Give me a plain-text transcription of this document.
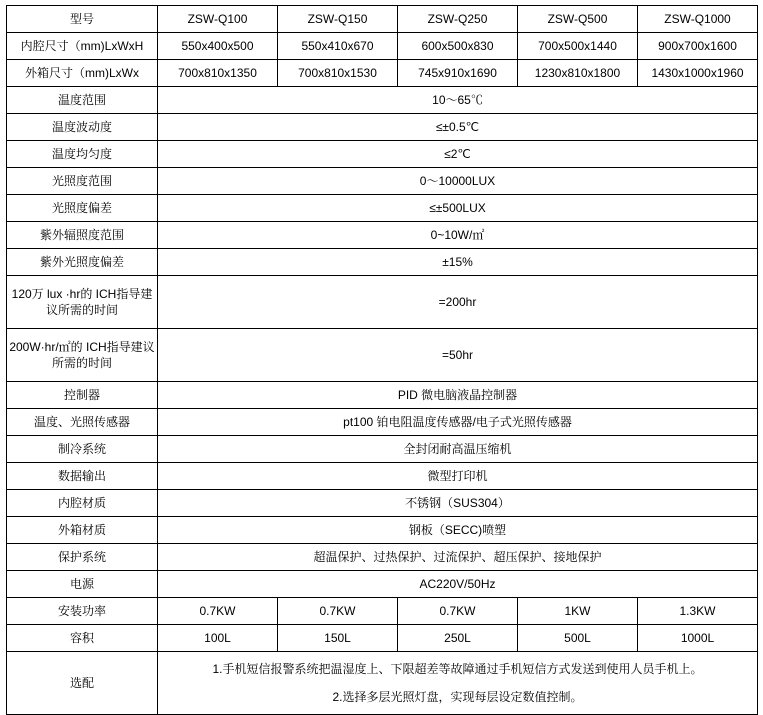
型号	ZSW-Q100	ZSW-Q150	ZSW-Q250	ZSW-Q500	ZSW-Q1000
内腔尺寸（mm)LxWxH	550x400x500	550x410x670	600x500x830	700x500x1440	900x700x1600
外箱尺寸（mm)LxWx	700x810x1350	700x810x1530	745x910x1690	1230x810x1800	1430x1000x1960
温度范围	10～65℃				
温度波动度	≤±0.5℃				
温度均匀度	≤2℃				
光照度范围	0～10000LUX				
光照度偏差	≤±500LUX				
紫外辐照度范围	0~10W/㎡				
紫外光照度偏差	±15%				
120万 lux ·hr的 ICH指导建议所需的时间	=200hr				
200W·hr/㎡的 ICH指导建议所需的时间	=50hr				
控制器	PID 微电脑液晶控制器				
温度、光照传感器	pt100 铂电阻温度传感器/电子式光照传感器				
制冷系统	全封闭耐高温压缩机				
数据输出	微型打印机				
内腔材质	不锈钢（SUS304）				
外箱材质	钢板（SECC)喷塑				
保护系统	超温保护、过热保护、过流保护、超压保护、接地保护				
电源	AC220V/50Hz				
安装功率	0.7KW	0.7KW	0.7KW	1KW	1.3KW
容积	100L	150L	250L	500L	1000L
选配	1.手机短信报警系统把温湿度上、下限超差等故障通过手机短信方式发送到使用人员手机上。
2.选择多层光照灯盘，实现每层设定数值控制。				
